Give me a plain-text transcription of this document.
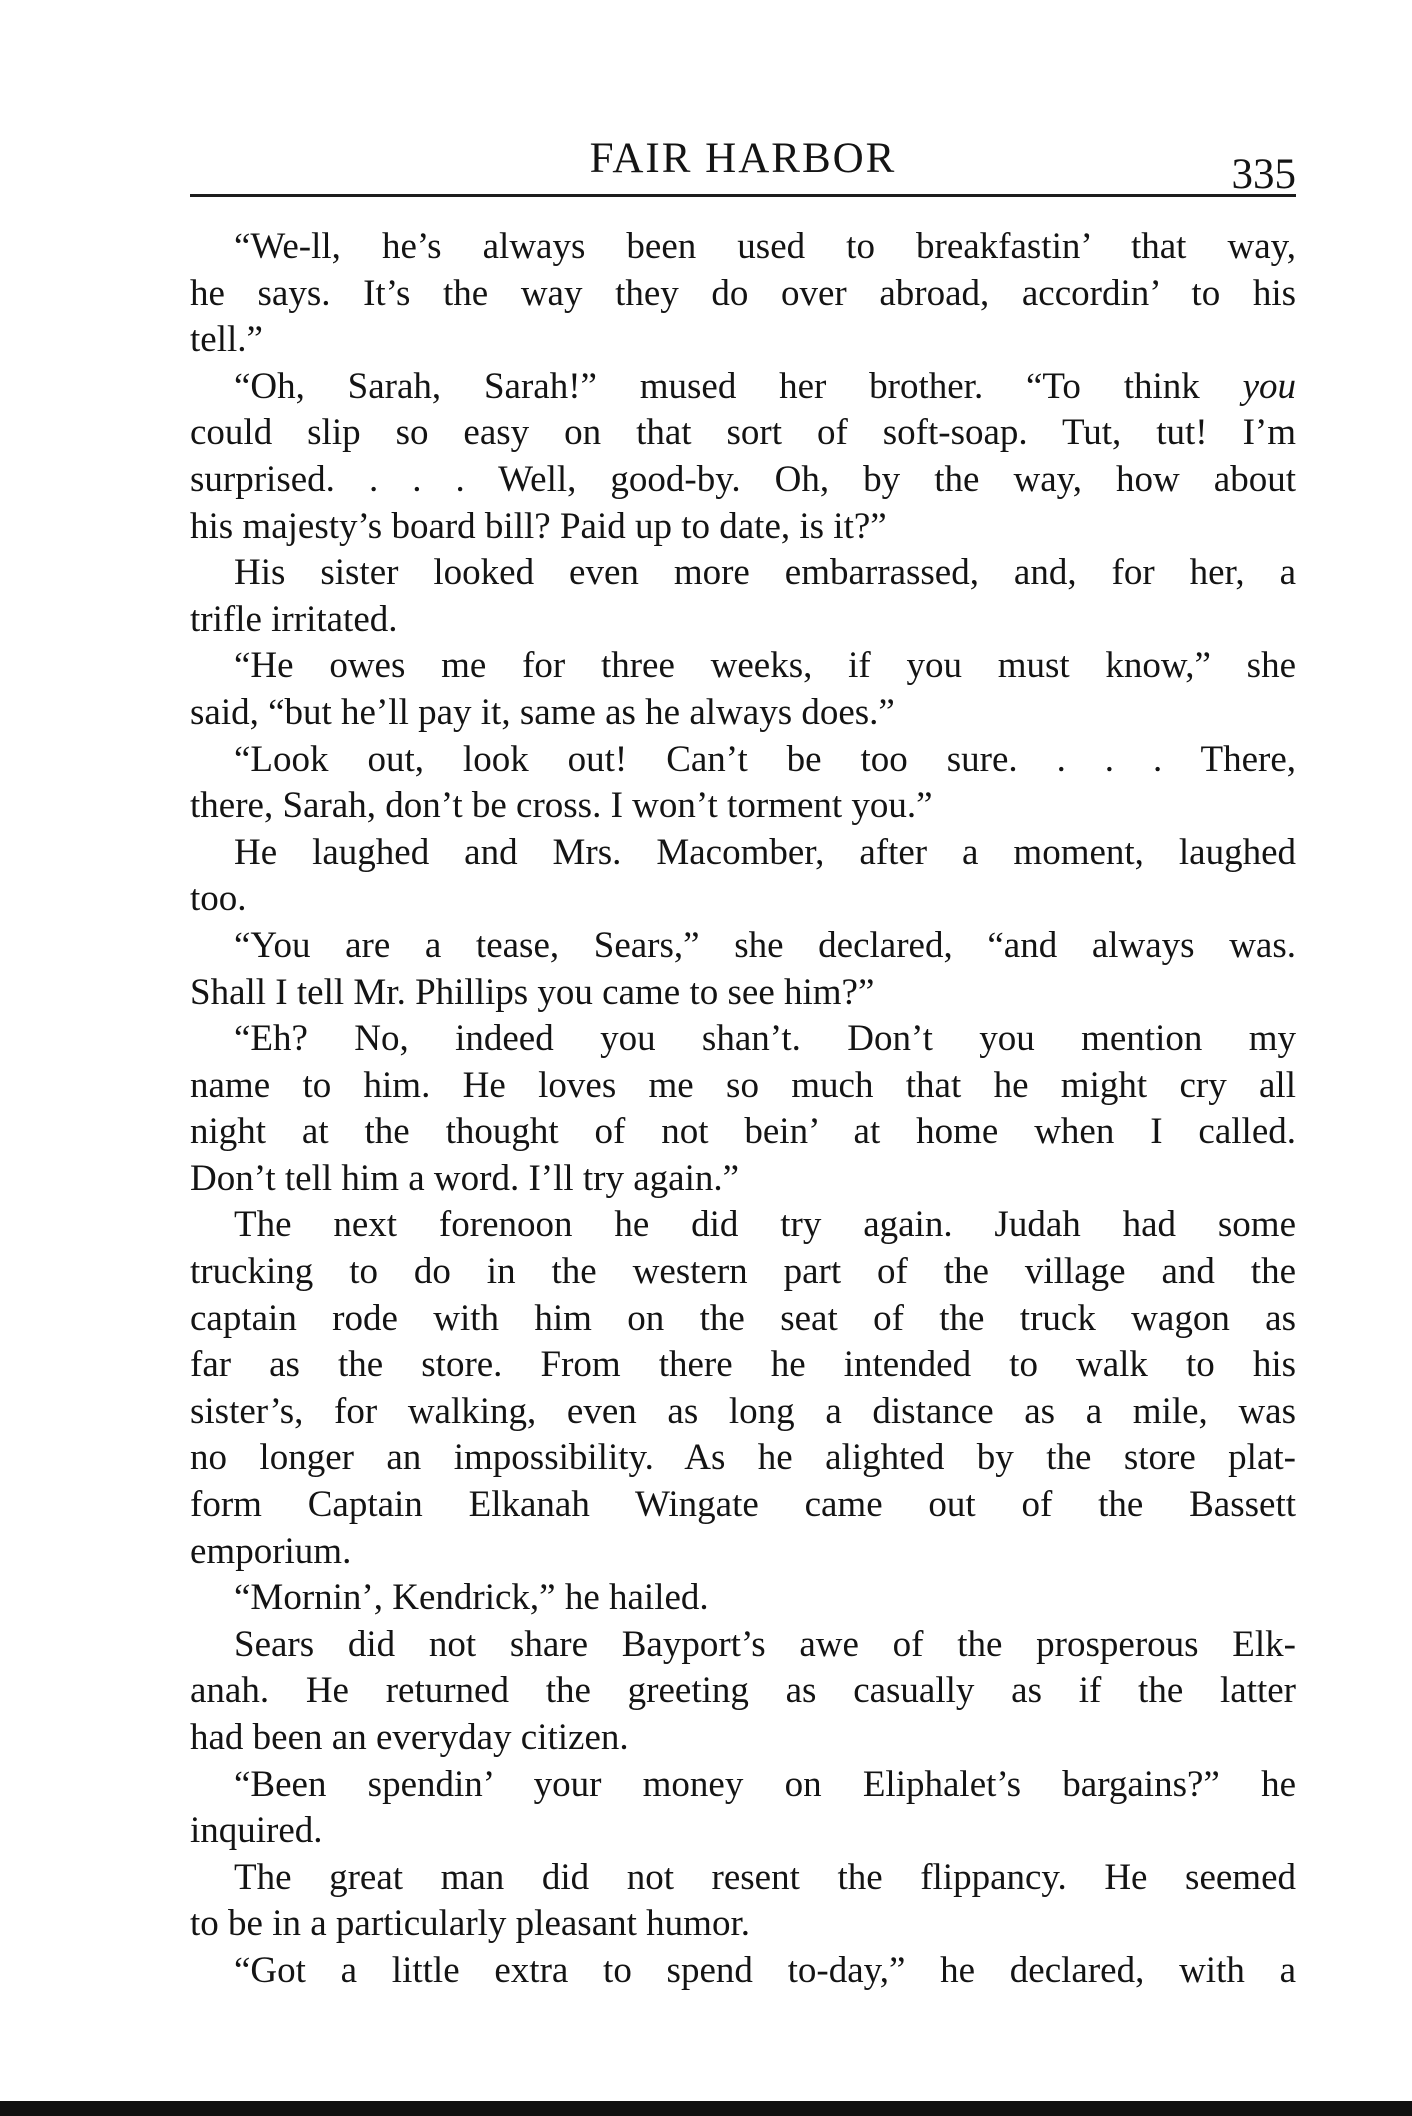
FAIR HARBOR	335
“We-ll, he’s always been used to breakfastin’ that way,
he says. It’s the way they do over abroad, accordin’ to his
tell.”
“Oh, Sarah, Sarah!” mused her brother. “To think you
could slip so easy on that sort of soft-soap. Tut, tut! I’m
surprised. . . . Well, good-by. Oh, by the way, how about
his majesty’s board bill? Paid up to date, is it?”
His sister looked even more embarrassed, and, for her, a
trifle irritated.
“He owes me for three weeks, if you must know,” she
said, “but he’ll pay it, same as he always does.”
“Look out, look out! Can’t be too sure. . . . There,
there, Sarah, don’t be cross. I won’t torment you.”
He laughed and Mrs. Macomber, after a moment, laughed
too.
“You are a tease, Sears,” she declared, “and always was.
Shall I tell Mr. Phillips you came to see him?”
“Eh? No, indeed you shan’t. Don’t you mention my
name to him. He loves me so much that he might cry all
night at the thought of not bein’ at home when I called.
Don’t tell him a word. I’ll try again.”
The next forenoon he did try again. Judah had some
trucking to do in the western part of the village and the
captain rode with him on the seat of the truck wagon as
far as the store. From there he intended to walk to his
sister’s, for walking, even as long a distance as a mile, was
no longer an impossibility. As he alighted by the store plat-
form Captain Elkanah Wingate came out of the Bassett
emporium.
“Mornin’, Kendrick,” he hailed.
Sears did not share Bayport’s awe of the prosperous Elk-
anah. He returned the greeting as casually as if the latter
had been an everyday citizen.
“Been spendin’ your money on Eliphalet’s bargains?” he
inquired.
The great man did not resent the flippancy. He seemed
to be in a particularly pleasant humor.
“Got a little extra to spend to-day,” he declared, with a
